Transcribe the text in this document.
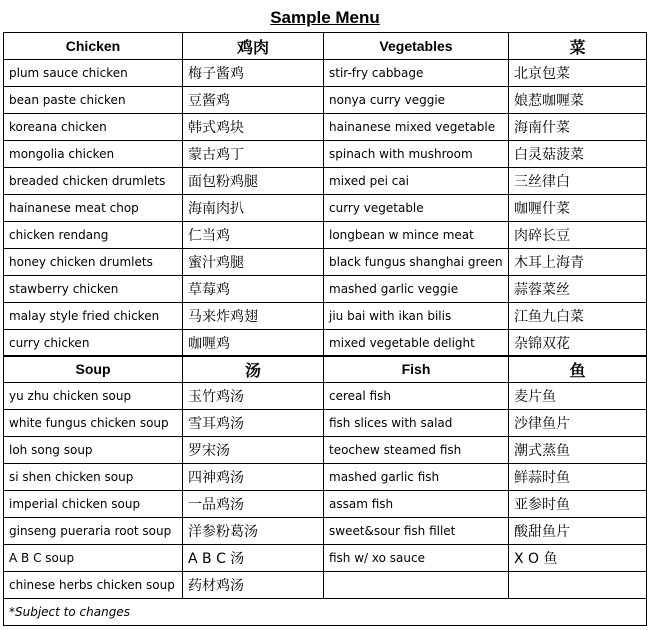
Sample Menu
Chicken	鸡肉	Vegetables	菜
plum sauce chicken	梅子酱鸡	stir-fry cabbage	北京包菜
bean paste chicken	豆酱鸡	nonya curry veggie	娘惹咖喱菜
koreana chicken	韩式鸡块	hainanese mixed vegetable	海南什菜
mongolia chicken	蒙古鸡丁	spinach with mushroom	白灵菇菠菜
breaded chicken drumlets	面包粉鸡腿	mixed pei cai	三丝律白
hainanese meat chop	海南肉扒	curry vegetable	咖喱什菜
chicken rendang	仁当鸡	longbean w mince meat	肉碎长豆
honey chicken drumlets	蜜汁鸡腿	black fungus shanghai green	木耳上海青
stawberry chicken	草莓鸡	mashed garlic veggie	蒜蓉菜丝
malay style fried chicken	马来炸鸡翅	jiu bai with ikan bilis	江鱼九白菜
curry chicken	咖喱鸡	mixed vegetable delight	杂锦双花
Soup	汤	Fish	鱼
yu zhu chicken soup	玉竹鸡汤	cereal fish	麦片鱼
white fungus chicken soup	雪耳鸡汤	fish slices with salad	沙律鱼片
loh song soup	罗宋汤	teochew steamed fish	潮式蒸鱼
si shen chicken soup	四神鸡汤	mashed garlic fish	鲜蒜时鱼
imperial chicken soup	一品鸡汤	assam fish	亚参时鱼
ginseng pueraria root soup	洋参粉葛汤	sweet&sour fish fillet	酸甜鱼片
A B C soup	A B C 汤	fish w/ xo sauce	X O 鱼
chinese herbs chicken soup	药材鸡汤		
*Subject to changes			
